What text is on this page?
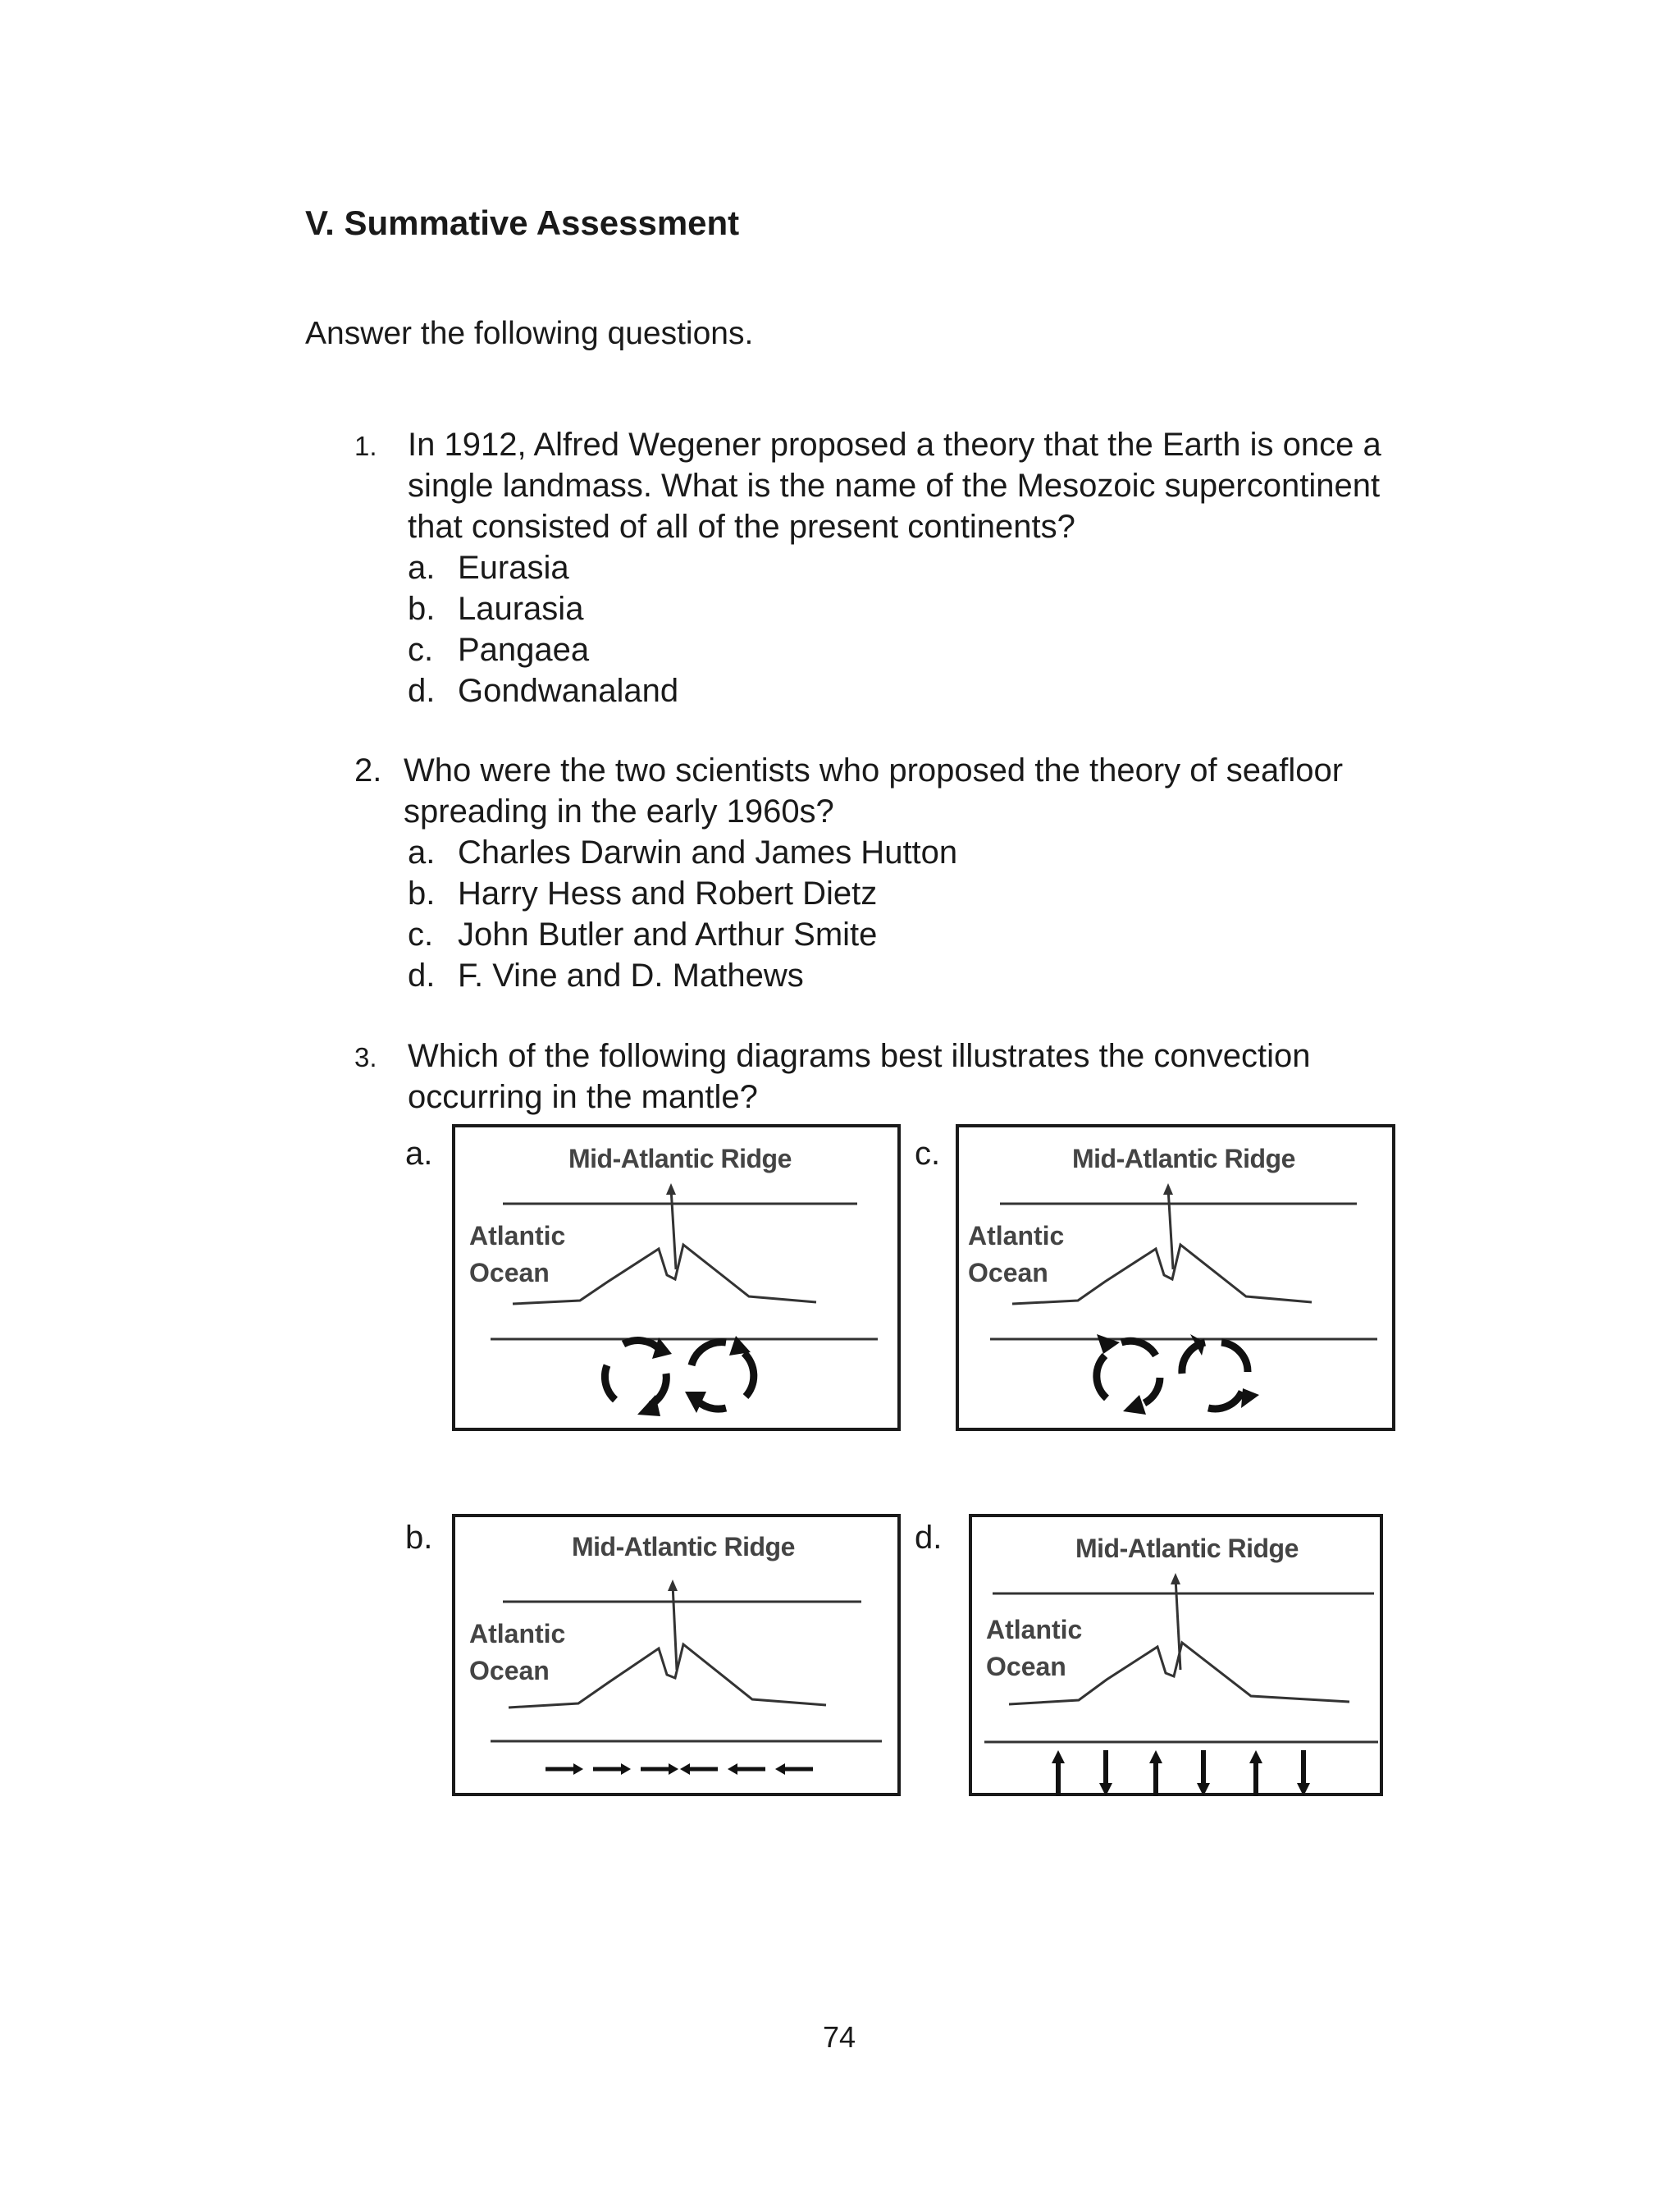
V. Summative Assessment
Answer the following questions.
1. In 1912, Alfred Wegener proposed a theory that the Earth is once a
single landmass. What is the name of the Mesozoic supercontinent
that consisted of all of the present continents?
a. Eurasia
b. Laurasia
c. Pangaea
d. Gondwanaland
2. Who were the two scientists who proposed the theory of seafloor
spreading in the early 1960s?
a. Charles Darwin and James Hutton
b. Harry Hess and Robert Dietz
c. John Butler and Arthur Smite
d. F. Vine and D. Mathews
3. Which of the following diagrams best illustrates the convection
occurring in the mantle?
a.	c.
b.	d.
Mid-Atlantic Ridge
Atlantic
Ocean
Mid-Atlantic Ridge
Atlantic
Ocean
Mid-Atlantic Ridge
Atlantic
Ocean
Mid-Atlantic Ridge
Atlantic
Ocean
74
